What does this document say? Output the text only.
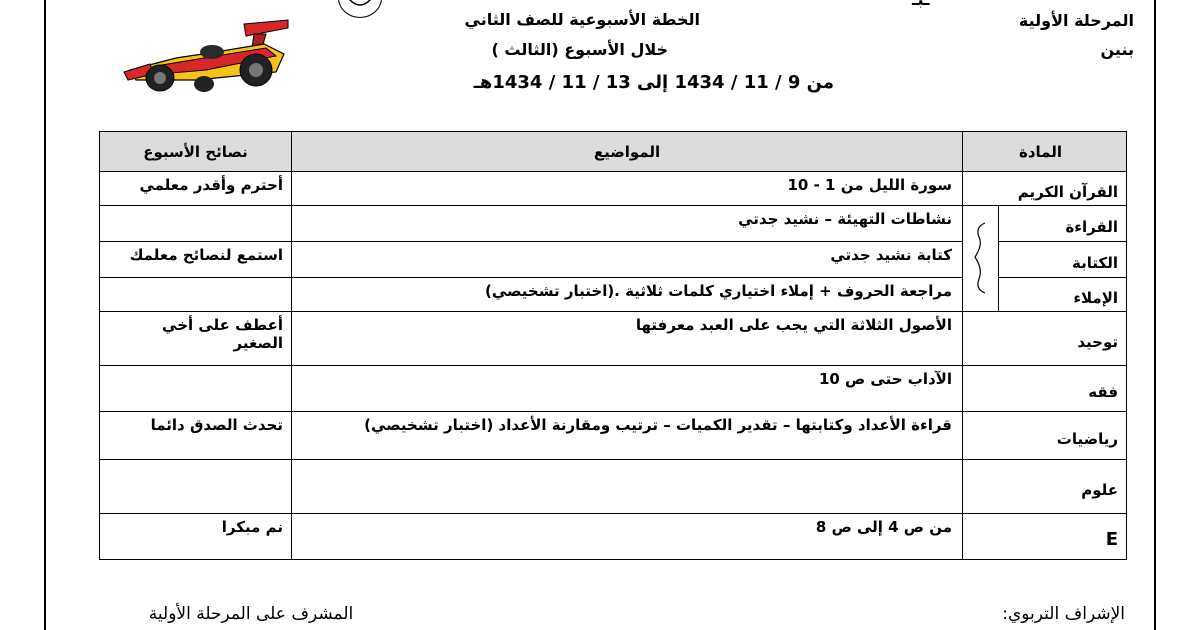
المرحلة الأولية
بنين
الخطة الأسبوعية للصف الثاني
خلال الأسبوع (الثالث )
من 9 / 11 / 1434 إلى 13 / 11 / 1434هـ
المادة		المواضيع	نصائح الأسبوع
القرآن الكريم		سورة الليل من 1 - 10	أحترم وأقدر معلمي
القراءة		نشاطات التهيئة – نشيد جدتي	
الكتابة		كتابة نشيد جدتي	استمع لنصائح معلمك
الإملاء		مراجعة الحروف + إملاء اختياري كلمات ثلاثية .(اختبار تشخيصي)	
توحيد		الأصول الثلاثة التي يجب على العبد معرفتها	أعطف على أخي الصغير
فقه		الآداب حتى ص 10	
رياضيات		قراءة الأعداد وكتابتها – تقدير الكميات – ترتيب ومقارنة الأعداد (اختبار تشخيصي)	تحدث الصدق دائما
علوم			
E		من ص 4 إلى ص 8	نم مبكرا
المشرف على المرحلة الأولية	الإشراف التربوي:
